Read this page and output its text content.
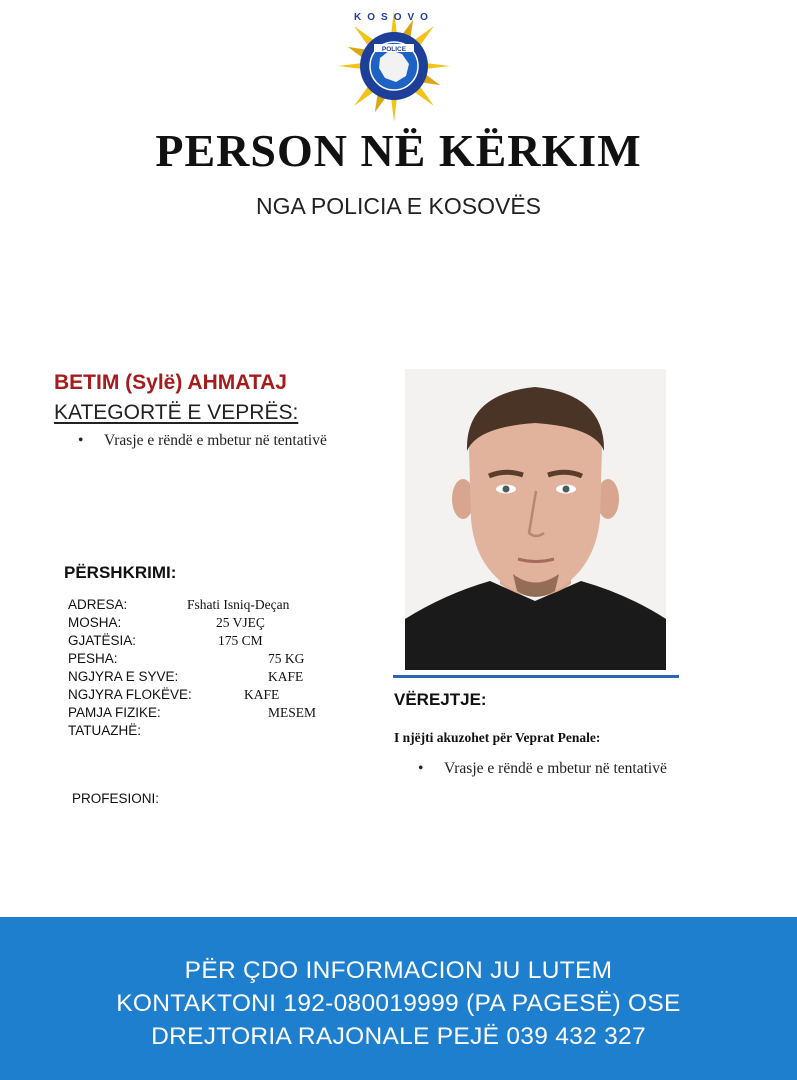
KOSOVO
POLICE
PERSON NË KËRKIM
NGA POLICIA E KOSOVËS
BETIM (Sylë) AHMATAJ
KATEGORTË E VEPRËS:
• Vrasje e rëndë e mbetur në tentativë
PËRSHKRIMI:
ADRESA:	Fshati Isniq-Deçan
MOSHA:	25 VJEÇ
GJATËSIA:	175 CM
PESHA:	75 KG
NGJYRA E SYVE:	KAFE
NGJYRA FLOKËVE:	KAFE
PAMJA FIZIKE:	MESEM
TATUAZHË:
PROFESIONI:
VËREJTJE:
I njëjti akuzohet për Veprat Penale:
• Vrasje e rëndë e mbetur në tentativë
PËR ÇDO INFORMACION JU LUTEM
KONTAKTONI 192-080019999 (PA PAGESË) OSE
DREJTORIA RAJONALE PEJË 039 432 327
